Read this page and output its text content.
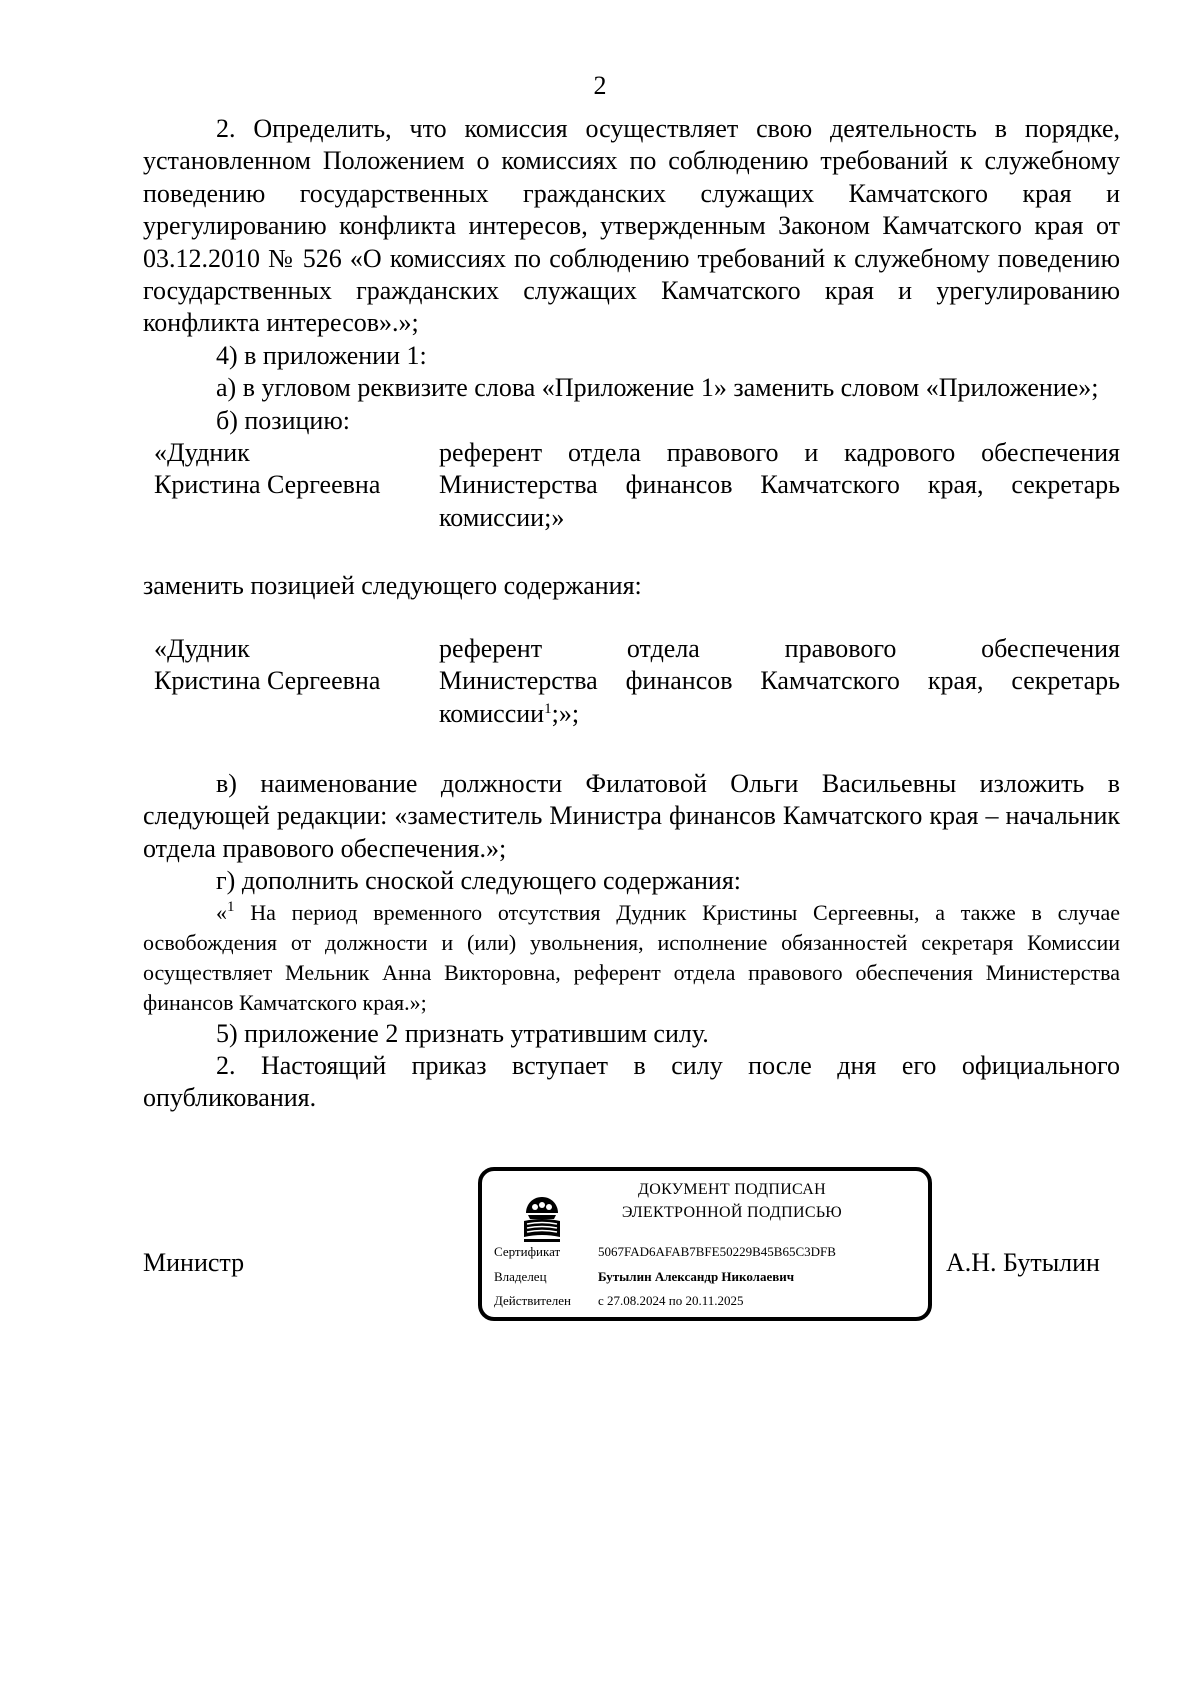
2

2. Определить, что комиссия осуществляет свою деятельность в порядке, установленном Положением о комиссиях по соблюдению требований к служебному поведению государственных гражданских служащих Камчатского края и урегулированию конфликта интересов, утвержденным Законом Камчатского края от 03.12.2010 № 526 «О комиссиях по соблюдению требований к служебному поведению государственных гражданских служащих Камчатского края и урегулированию конфликта интересов».»;

4) в приложении 1:

а) в угловом реквизите слова «Приложение 1» заменить словом «Приложение»;

б) позицию:

«Дудник
Кристина Сергеевна
референт отдела правового и кадрового обеспечения Министерства финансов Камчатского края, секретарь комиссии;»

заменить позицией следующего содержания:

«Дудник
Кристина Сергеевна
референт отдела правового обеспечения
Министерства финансов Камчатского края, секретарь комиссии$^1$;»;

в) наименование должности Филатовой Ольги Васильевны изложить в следующей редакции: «заместитель Министра финансов Камчатского края – начальник отдела правового обеспечения.»;

г) дополнить сноской следующего содержания:

«$^1$ На период временного отсутствия Дудник Кристины Сергеевны, а также в случае освобождения от должности и (или) увольнения, исполнение обязанностей секретаря Комиссии осуществляет Мельник Анна Викторовна, референт отдела правового обеспечения Министерства финансов Камчатского края.»;

5) приложение 2 признать утратившим силу.

2. Настоящий приказ вступает в силу после дня его официального опубликования.

Министр
ДОКУМЕНТ ПОДПИСАН
ЭЛЕКТРОННОЙ ПОДПИСЬЮ
Сертификат	5067FAD6AFAB7BFE50229B45B65C3DFB
Владелец	Бутылин Александр Николаевич
Действителен с 27.08.2024 по 20.11.2025
А.Н. Бутылин
